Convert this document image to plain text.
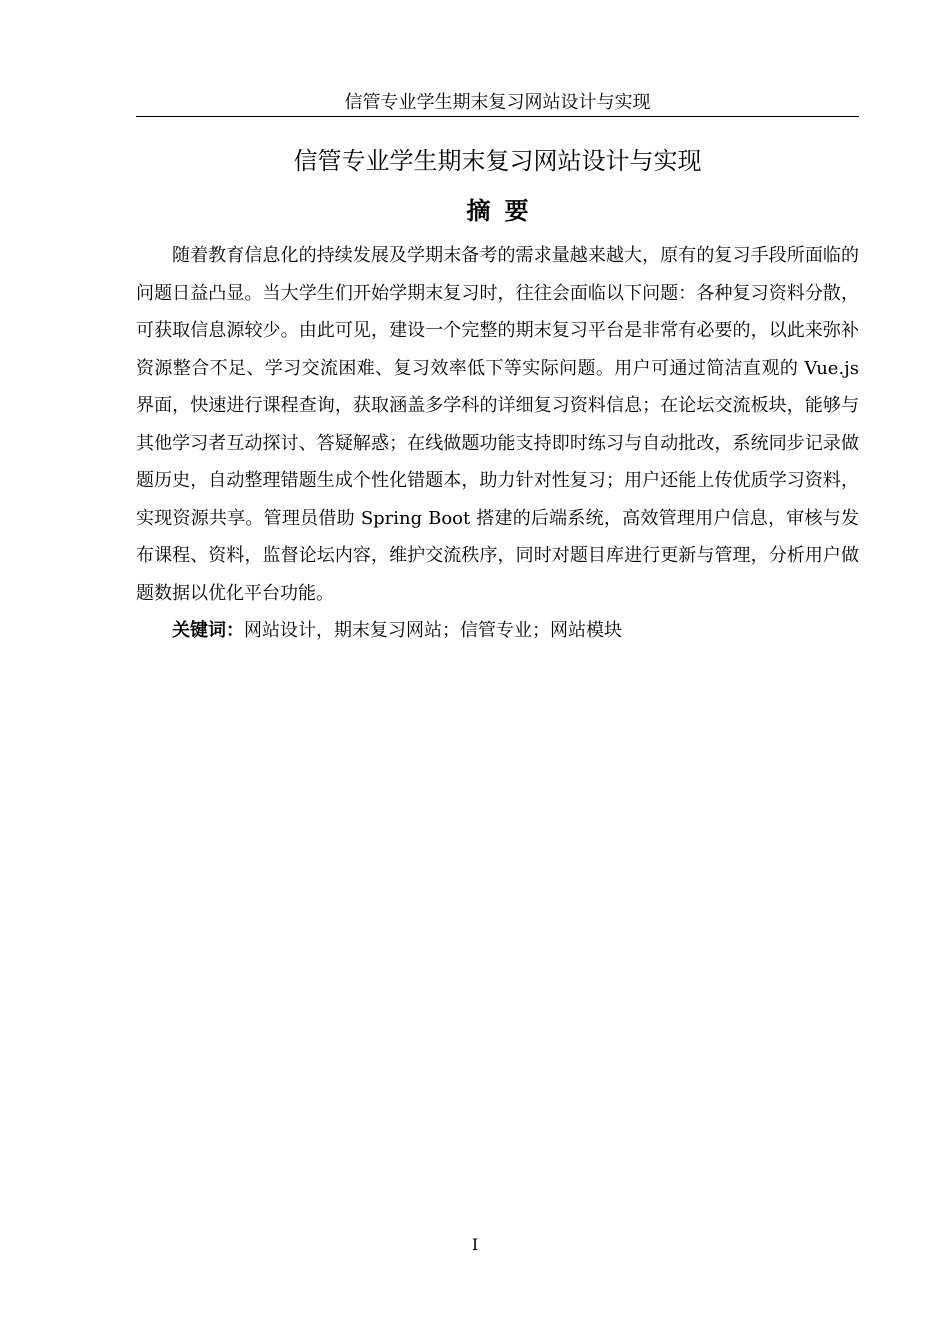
信管专业学生期末复习网站设计与实现
信管专业学生期末复习网站设计与实现
摘要

随着教育信息化的持续发展及学期末备考的需求量越来越大，原有的复习手段所面临的问题日益凸显。当大学生们开始学期末复习时，往往会面临以下问题：各种复习资料分散，可获取信息源较少。由此可见，建设一个完整的期末复习平台是非常有必要的，以此来弥补资源整合不足、学习交流困难、复习效率低下等实际问题。用户可通过简洁直观的 Vue.js 界面，快速进行课程查询，获取涵盖多学科的详细复习资料信息；在论坛交流板块，能够与其他学习者互动探讨、答疑解惑；在线做题功能支持即时练习与自动批改，系统同步记录做题历史，自动整理错题生成个性化错题本，助力针对性复习；用户还能上传优质学习资料，实现资源共享。管理员借助 Spring Boot 搭建的后端系统，高效管理用户信息，审核与发布课程、资料，监督论坛内容，维护交流秩序，同时对题目库进行更新与管理，分析用户做题数据以优化平台功能。

关键词：网站设计，期末复习网站；信管专业；网站模块
I
